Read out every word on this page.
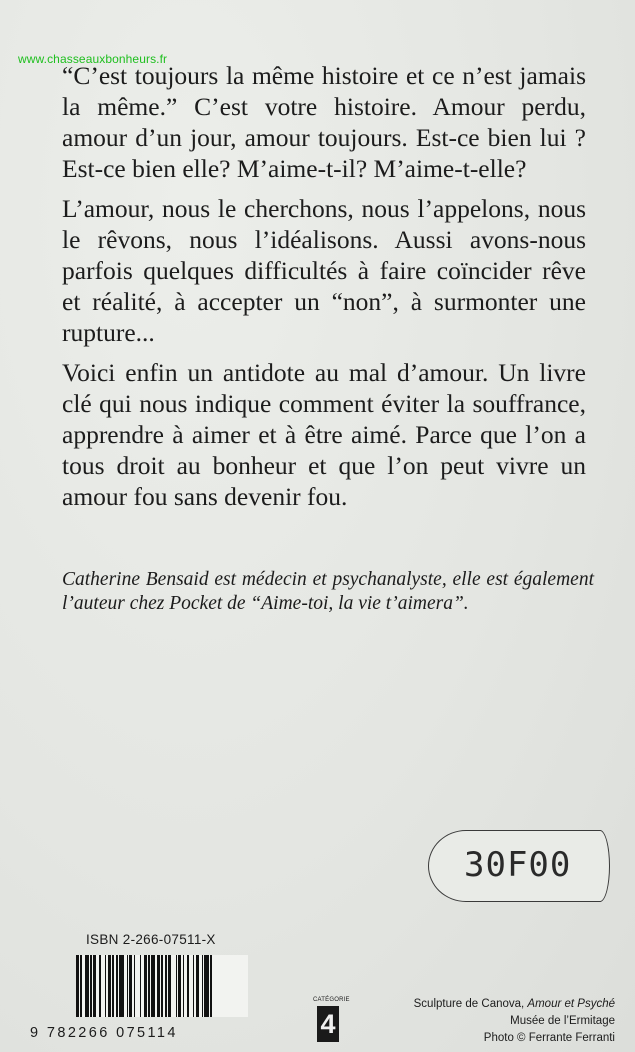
www.chasseauxbonheurs.fr

“C’est toujours la même histoire et ce n’est jamais la même.” C’est votre histoire. Amour perdu, amour d’un jour, amour toujours. Est-ce bien lui ? Est-ce bien elle? M’aime-t-il? M’aime-t-elle?

L’amour, nous le cherchons, nous l’appelons, nous le rêvons, nous l’idéalisons. Aussi avons-nous parfois quelques difficultés à faire coïncider rêve et réalité, à accepter un “non”, à surmonter une rupture...

Voici enfin un antidote au mal d’amour. Un livre clé qui nous indique comment éviter la souffrance, apprendre à aimer et à être aimé. Parce que l’on a tous droit au bonheur et que l’on peut vivre un amour fou sans devenir fou.

Catherine Bensaid est médecin et psychanalyste, elle est également l’auteur chez Pocket de “Aime-toi, la vie t’aimera”.
30F00
ISBN 2-266-07511-X
9 782266 075114
CATÉGORIE
4
Sculpture de Canova, Amour et Psyché
Musée de l’Ermitage
Photo © Ferrante Ferranti
